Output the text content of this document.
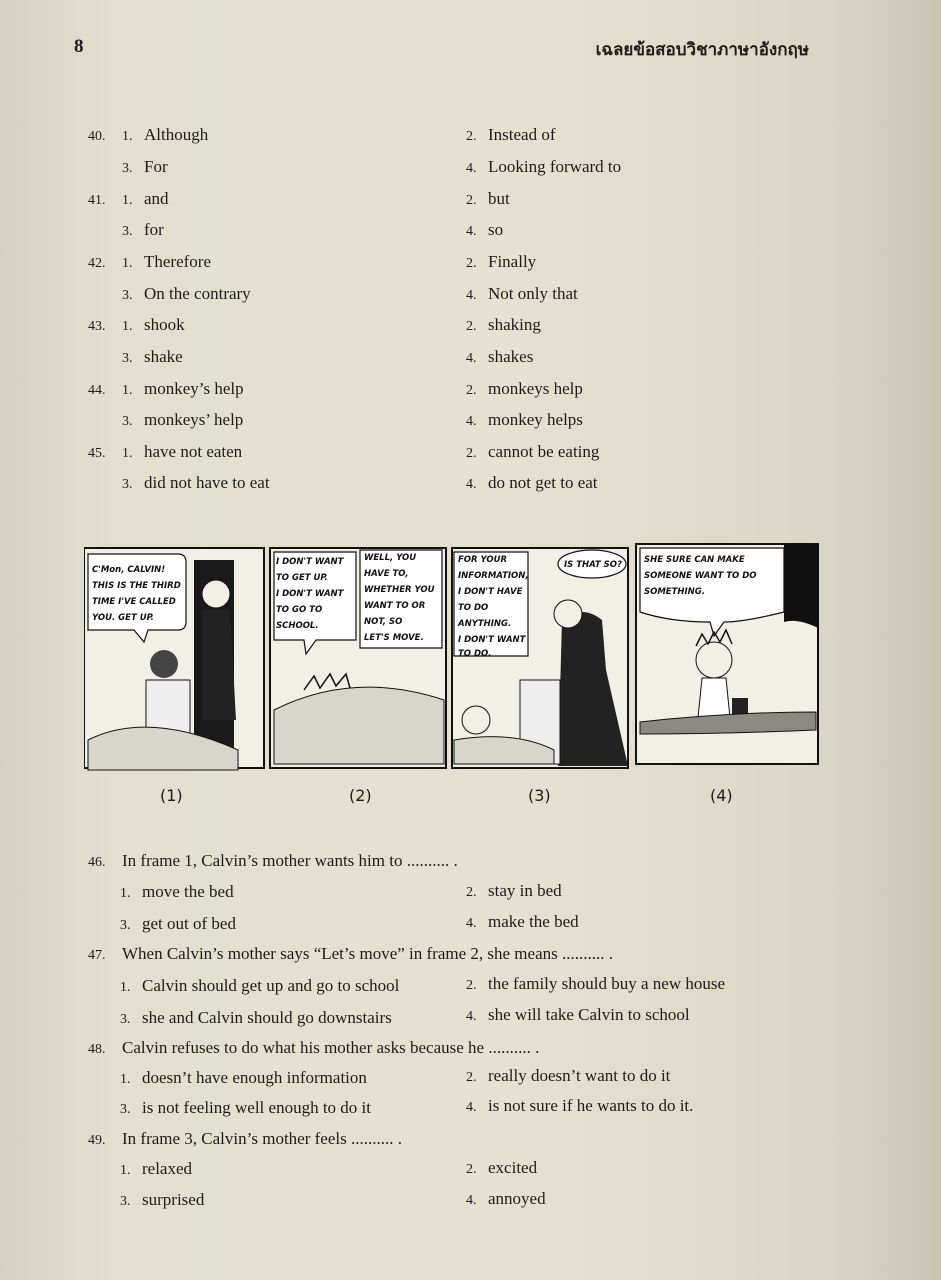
8	เฉลยข้อสอบวิชาภาษาอังกฤษ
40. 1. Although	2. Instead of
3. For	4. Looking forward to
41. 1. and	2. but
3. for	4. so
42. 1. Therefore	2. Finally
3. On the contrary	4. Not only that
43. 1. shook	2. shaking
3. shake	4. shakes
44. 1. monkey’s help	2. monkeys help
3. monkeys’ help	4. monkey helps
45. 1. have not eaten	2. cannot be eating
3. did not have to eat	4. do not get to eat
C'Mon, CALVIN! THIS IS THE THIRD TIME I'VE CALLED YOU. GET UP.
I DON'T WANT TO GET UP. I DON'T WANT TO GO TO SCHOOL.
WELL, YOU HAVE TO, WHETHER YOU WANT TO OR NOT, SO LET'S MOVE.
FOR YOUR INFORMATION, I DON'T HAVE TO DO ANYTHING. I DON'T WANT TO DO.
IS THAT SO?	SHE SURE CAN MAKE SOMEONE WANT TO DO SOMETHING.
(1)	(2)	(3)	(4)
46. In frame 1, Calvin’s mother wants him to .......... .
1. move the bed	2. stay in bed
3. get out of bed	4. make the bed
47. When Calvin’s mother says “Let’s move” in frame 2, she means .......... .
1. Calvin should get up and go to school	2. the family should buy a new house
3. she and Calvin should go downstairs	4. she will take Calvin to school
48. Calvin refuses to do what his mother asks because he .......... .
1. doesn’t have enough information	2. really doesn’t want to do it
3. is not feeling well enough to do it	4. is not sure if he wants to do it.
49. In frame 3, Calvin’s mother feels .......... .
1. relaxed	2. excited
3. surprised	4. annoyed
